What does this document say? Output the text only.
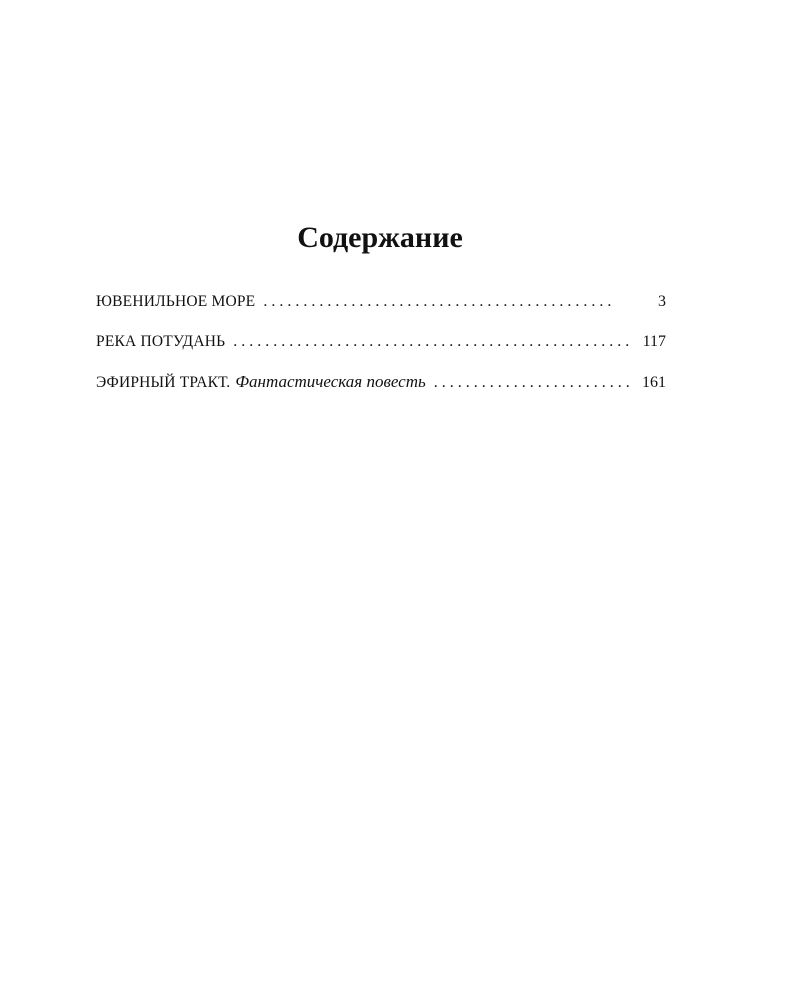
Содержание
ЮВЕНИЛЬНОЕ МОРЕ . . .	3
РЕКА ПОТУДАНЬ . . .	117
ЭФИРНЫЙ ТРАКТ. Фантастическая повесть . . .	161
